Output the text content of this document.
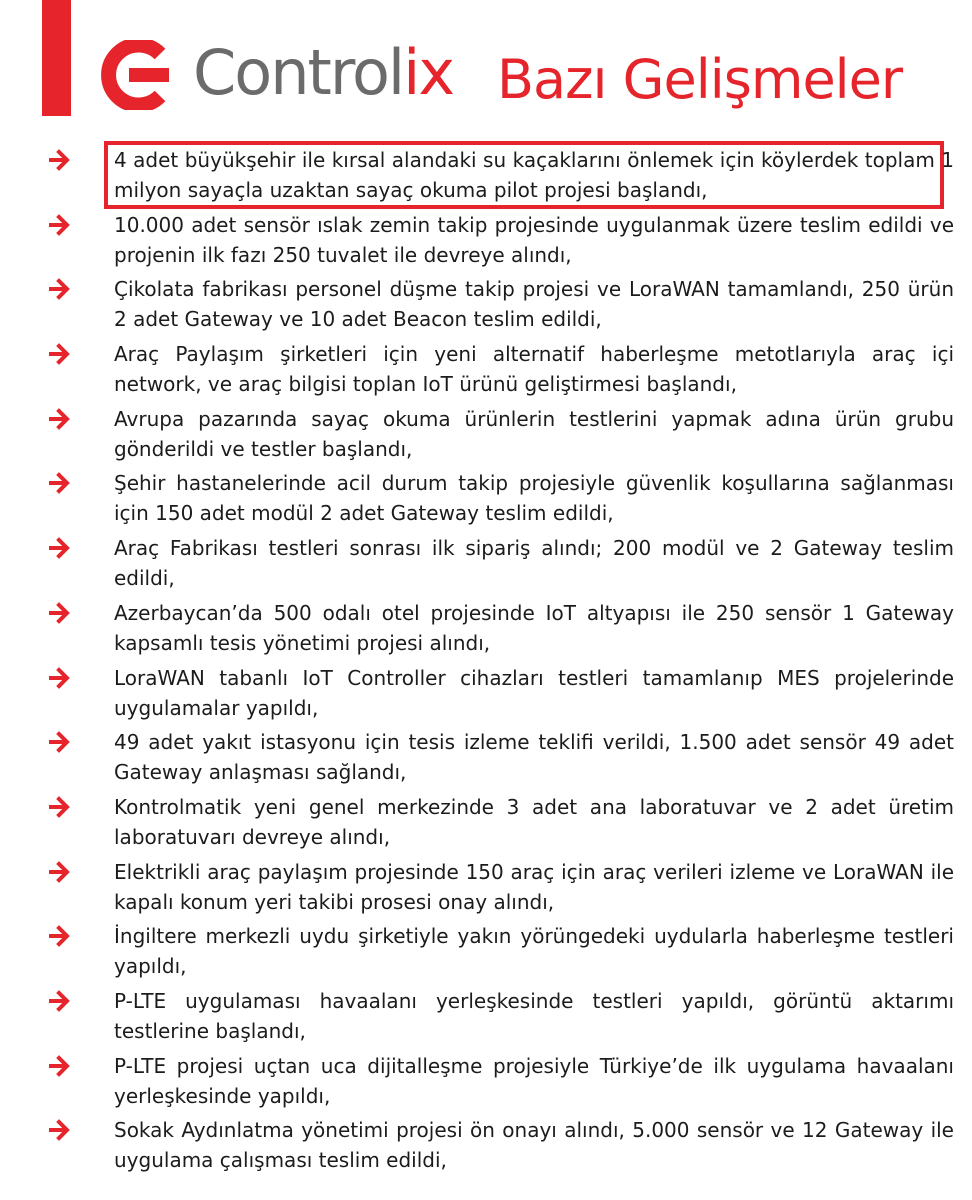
Controlix Bazı Gelişmeler
4 adet büyükşehir ile kırsal alandaki su kaçaklarını önlemek için köylerdek toplam 1 milyon sayaçla uzaktan sayaç okuma pilot projesi başlandı,
10.000 adet sensör ıslak zemin takip projesinde uygulanmak üzere teslim edildi ve projenin ilk fazı 250 tuvalet ile devreye alındı,
Çikolata fabrikası personel düşme takip projesi ve LoraWAN tamamlandı, 250 ürün 2 adet Gateway ve 10 adet Beacon teslim edildi,
Araç Paylaşım şirketleri için yeni alternatif haberleşme metotlarıyla araç içi network, ve araç bilgisi toplan IoT ürünü geliştirmesi başlandı,
Avrupa pazarında sayaç okuma ürünlerin testlerini yapmak adına ürün grubu gönderildi ve testler başlandı,
Şehir hastanelerinde acil durum takip projesiyle güvenlik koşullarına sağlanması için 150 adet modül 2 adet Gateway teslim edildi,
Araç Fabrikası testleri sonrası ilk sipariş alındı; 200 modül ve 2 Gateway teslim edildi,
Azerbaycan’da 500 odalı otel projesinde IoT altyapısı ile 250 sensör 1 Gateway kapsamlı tesis yönetimi projesi alındı,
LoraWAN tabanlı IoT Controller cihazları testleri tamamlanıp MES projelerinde uygulamalar yapıldı,
49 adet yakıt istasyonu için tesis izleme teklifi verildi, 1.500 adet sensör 49 adet Gateway anlaşması sağlandı,
Kontrolmatik yeni genel merkezinde 3 adet ana laboratuvar ve 2 adet üretim laboratuvarı devreye alındı,
Elektrikli araç paylaşım projesinde 150 araç için araç verileri izleme ve LoraWAN ile kapalı konum yeri takibi prosesi onay alındı,
İngiltere merkezli uydu şirketiyle yakın yörüngedeki uydularla haberleşme testleri yapıldı,
P-LTE uygulaması havaalanı yerleşkesinde testleri yapıldı, görüntü aktarımı testlerine başlandı,
P-LTE projesi uçtan uca dijitalleşme projesiyle Türkiye’de ilk uygulama havaalanı yerleşkesinde yapıldı,
Sokak Aydınlatma yönetimi projesi ön onayı alındı, 5.000 sensör ve 12 Gateway ile uygulama çalışması teslim edildi,
